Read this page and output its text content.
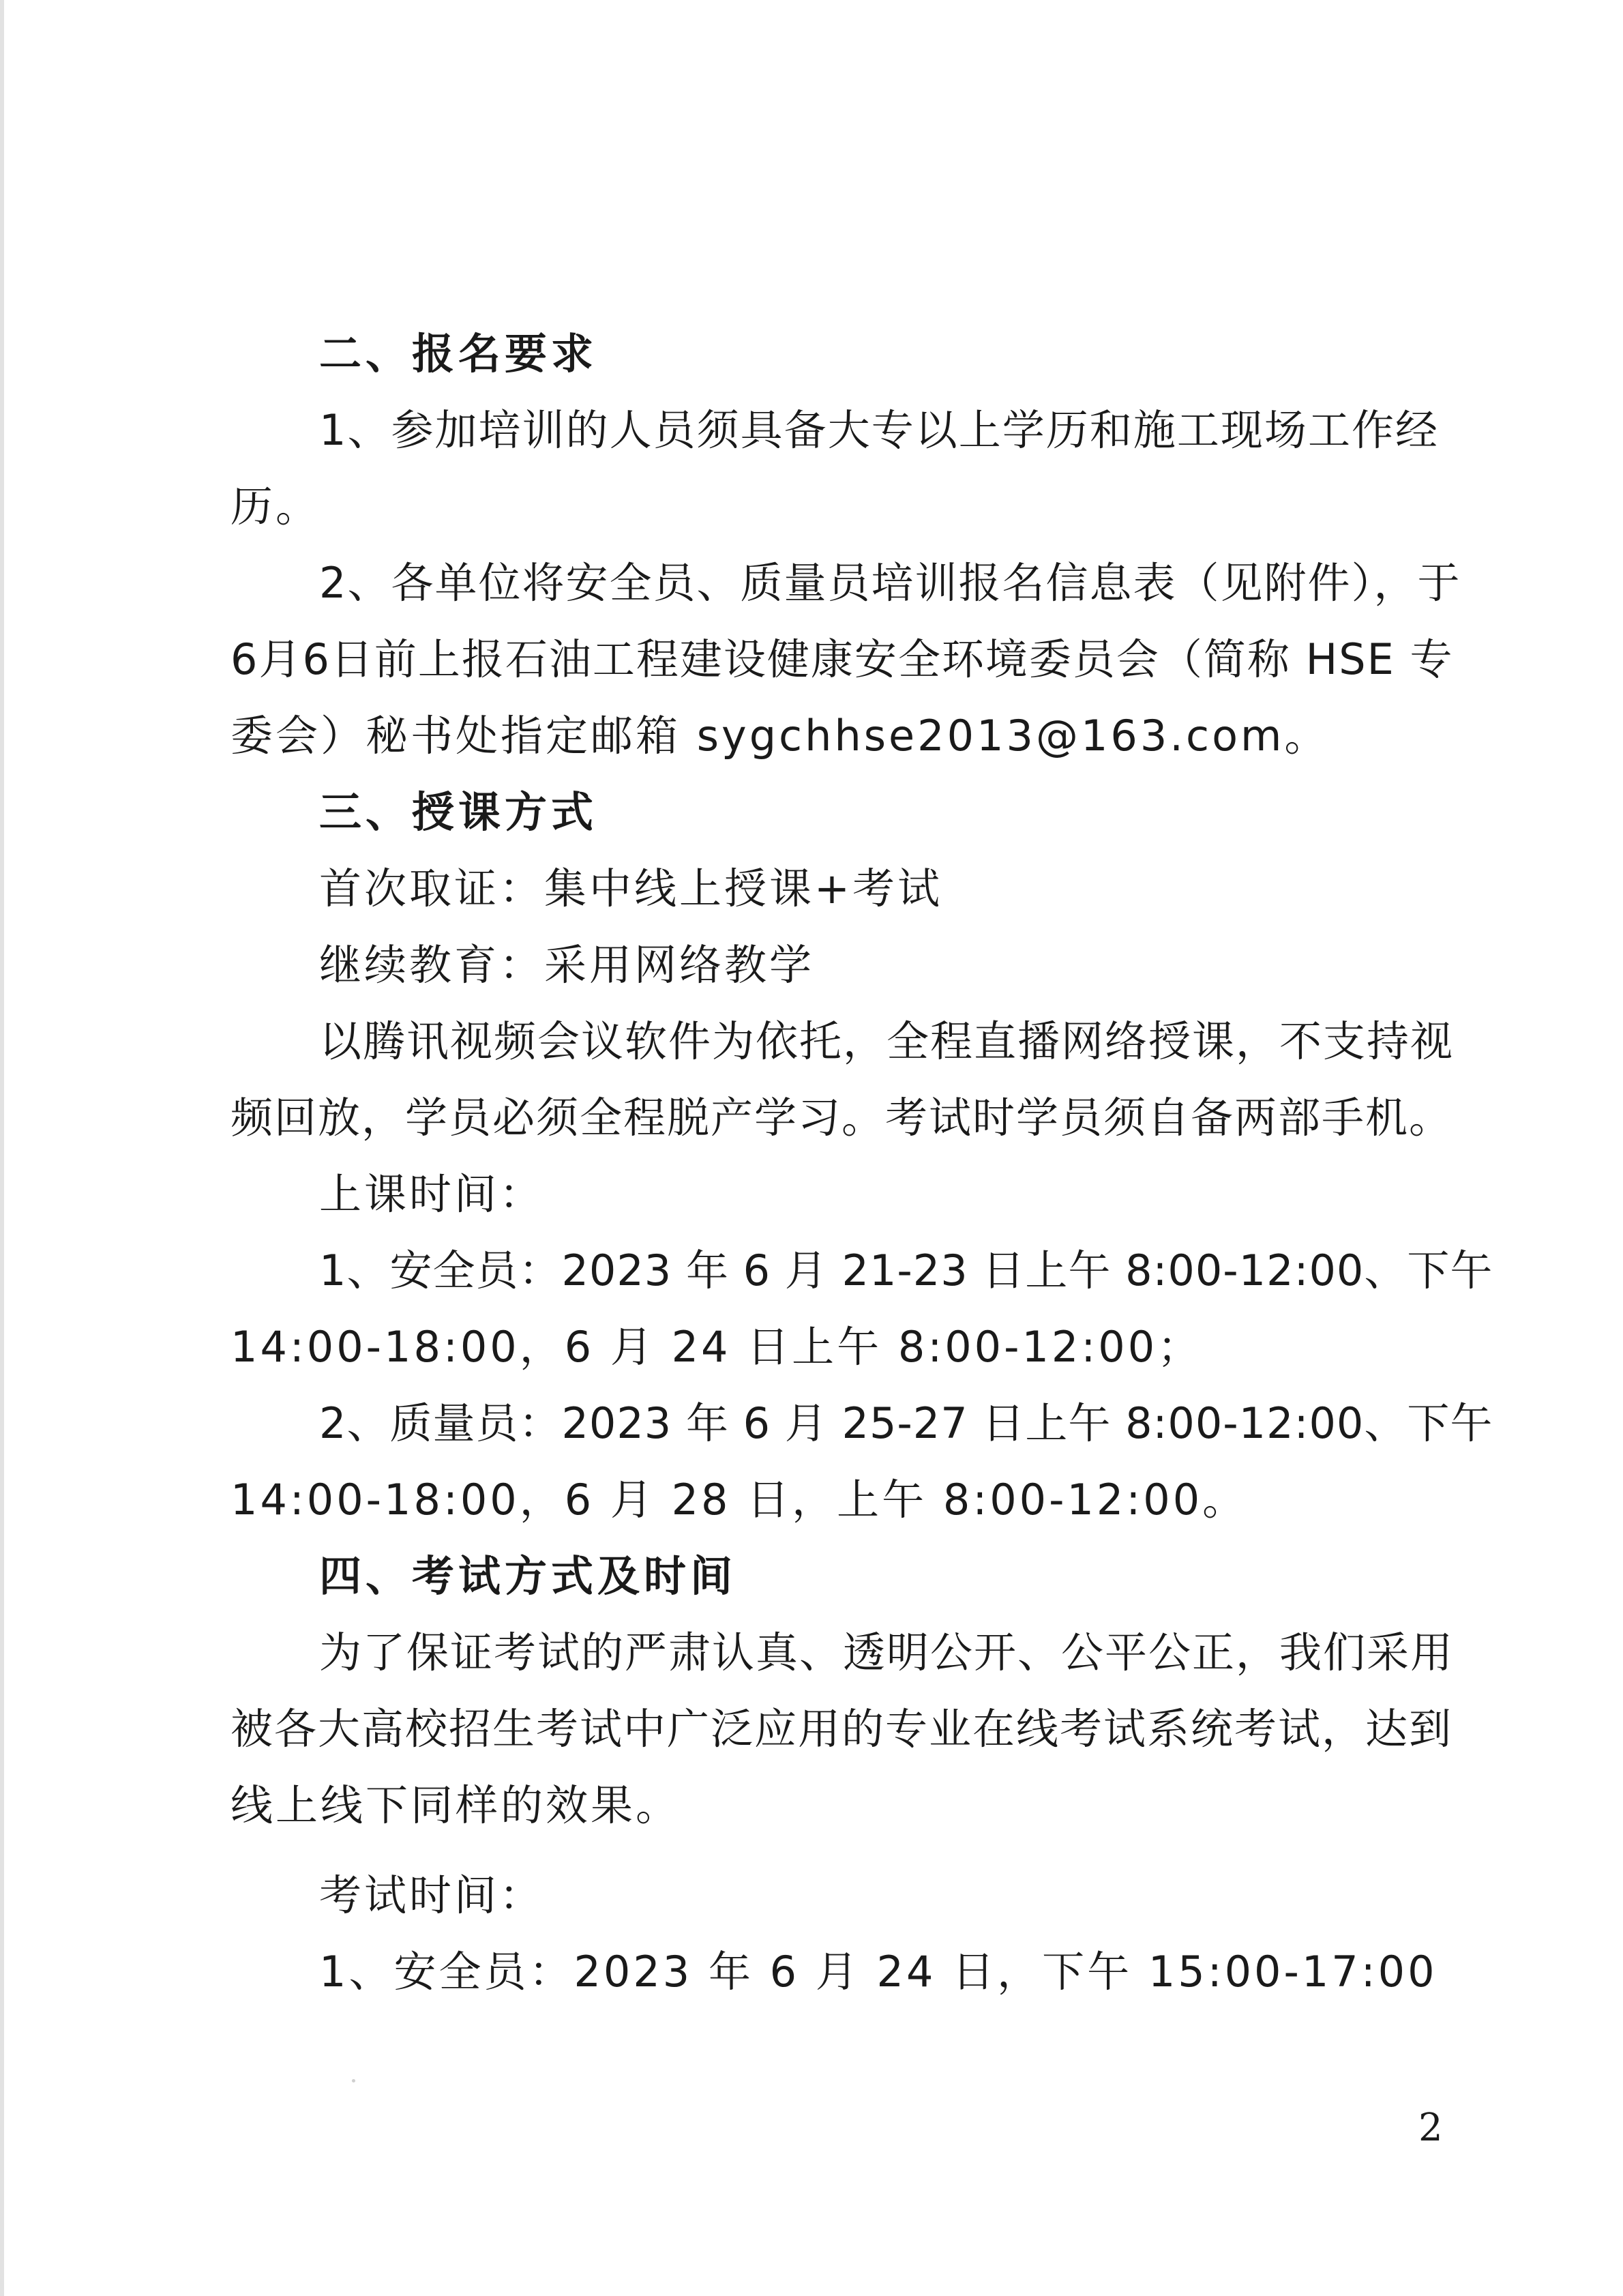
二、报名要求
1、参加培训的人员须具备大专以上学历和施工现场工作经
历。
2、各单位将安全员、质量员培训报名信息表（见附件），于
6月6日前上报石油工程建设健康安全环境委员会（简称 HSE 专
委会）秘书处指定邮箱 sygchhse2013@163.com。
三、授课方式
首次取证：集中线上授课+考试
继续教育：采用网络教学
以腾讯视频会议软件为依托，全程直播网络授课，不支持视
频回放，学员必须全程脱产学习。考试时学员须自备两部手机。
上课时间：
1、安全员：2023 年 6 月 21-23 日上午 8:00-12:00、下午
14:00-18:00，6 月 24 日上午 8:00-12:00；
2、质量员：2023 年 6 月 25-27 日上午 8:00-12:00、下午
14:00-18:00，6 月 28 日，上午 8:00-12:00。
四、考试方式及时间
为了保证考试的严肃认真、透明公开、公平公正，我们采用
被各大高校招生考试中广泛应用的专业在线考试系统考试，达到
线上线下同样的效果。
考试时间：
1、安全员：2023 年 6 月 24 日，下午 15:00-17:00
2
